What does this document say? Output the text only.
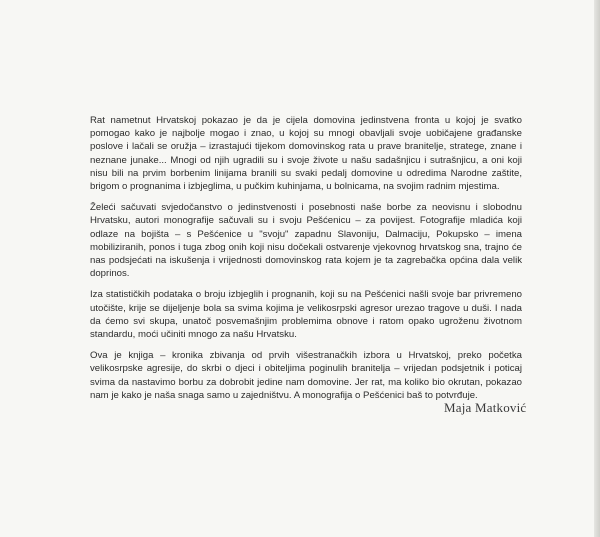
Rat nametnut Hrvatskoj pokazao je da je cijela domovina jedinstvena fronta u kojoj je svatko pomogao kako je najbolje mogao i znao, u kojoj su mnogi obavljali svoje uobičajene građanske poslove i lačali se oružja – izrastajući tijekom domovinskog rata u prave branitelje, stratege, znane i neznane junake... Mnogi od njih ugradili su i svoje živote u našu sadašnjicu i sutrašnjicu, a oni koji nisu bili na prvim borbenim linijama branili su svaki pedalj domovine u odredima Narodne zaštite, brigom o prognanima i izbjeglima, u pučkim kuhinjama, u bolnicama, na svojim radnim mjestima.

Želeći sačuvati svjedočanstvo o jedinstvenosti i posebnosti naše borbe za neovisnu i slobodnu Hrvatsku, autori monografije sačuvali su i svoju Pešćenicu – za povijest. Fotografije mladića koji odlaze na bojišta – s Pešćenice u "svoju" zapadnu Slavoniju, Dalmaciju, Pokupsko – imena mobiliziranih, ponos i tuga zbog onih koji nisu dočekali ostvarenje vjekovnog hrvatskog sna, trajno će nas podsjećati na iskušenja i vrijednosti domovinskog rata kojem je ta zagrebačka općina dala velik doprinos.

Iza statističkih podataka o broju izbjeglih i prognanih, koji su na Pešćenici našli svoje bar privremeno utočište, krije se dijeljenje bola sa svima kojima je velikosrpski agresor urezao tragove u duši. I nada da ćemo svi skupa, unatoč posvemašnjim problemima obnove i ratom opako ugroženu životnom standardu, moći učiniti mnogo za našu Hrvatsku.

Ova je knjiga – kronika zbivanja od prvih višestranačkih izbora u Hrvatskoj, preko početka velikosrpske agresije, do skrbi o djeci i obiteljima poginulih branitelja – vrijedan podsjetnik i poticaj svima da nastavimo borbu za dobrobit jedine nam domovine. Jer rat, ma koliko bio okrutan, pokazao nam je kako je naša snaga samo u zajedništvu. A monografija o Pešćenici baš to potvrđuje.

Maja Matković
